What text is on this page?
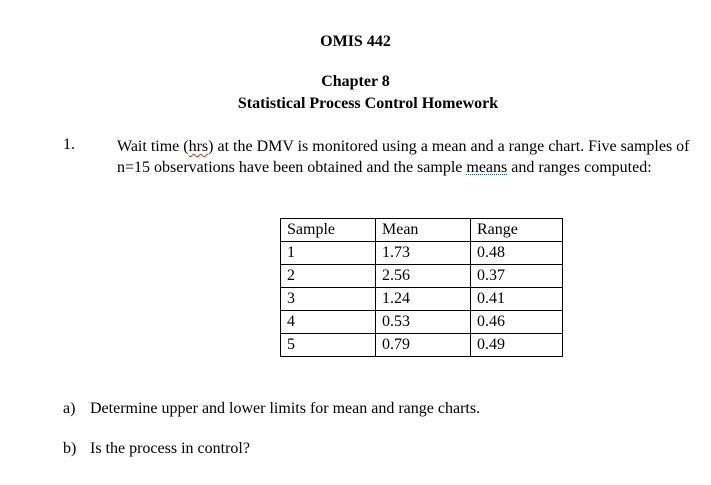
OMIS 442
Chapter 8
Statistical Process Control Homework
1.	Wait time (hrs) at the DMV is monitored using a mean and a range chart. Five samples of n=15 observations have been obtained and the sample means and ranges computed:
Sample	Mean	Range
1	1.73	0.48
2	2.56	0.37
3	1.24	0.41
4	0.53	0.46
5	0.79	0.49
a) Determine upper and lower limits for mean and range charts.
b) Is the process in control?
